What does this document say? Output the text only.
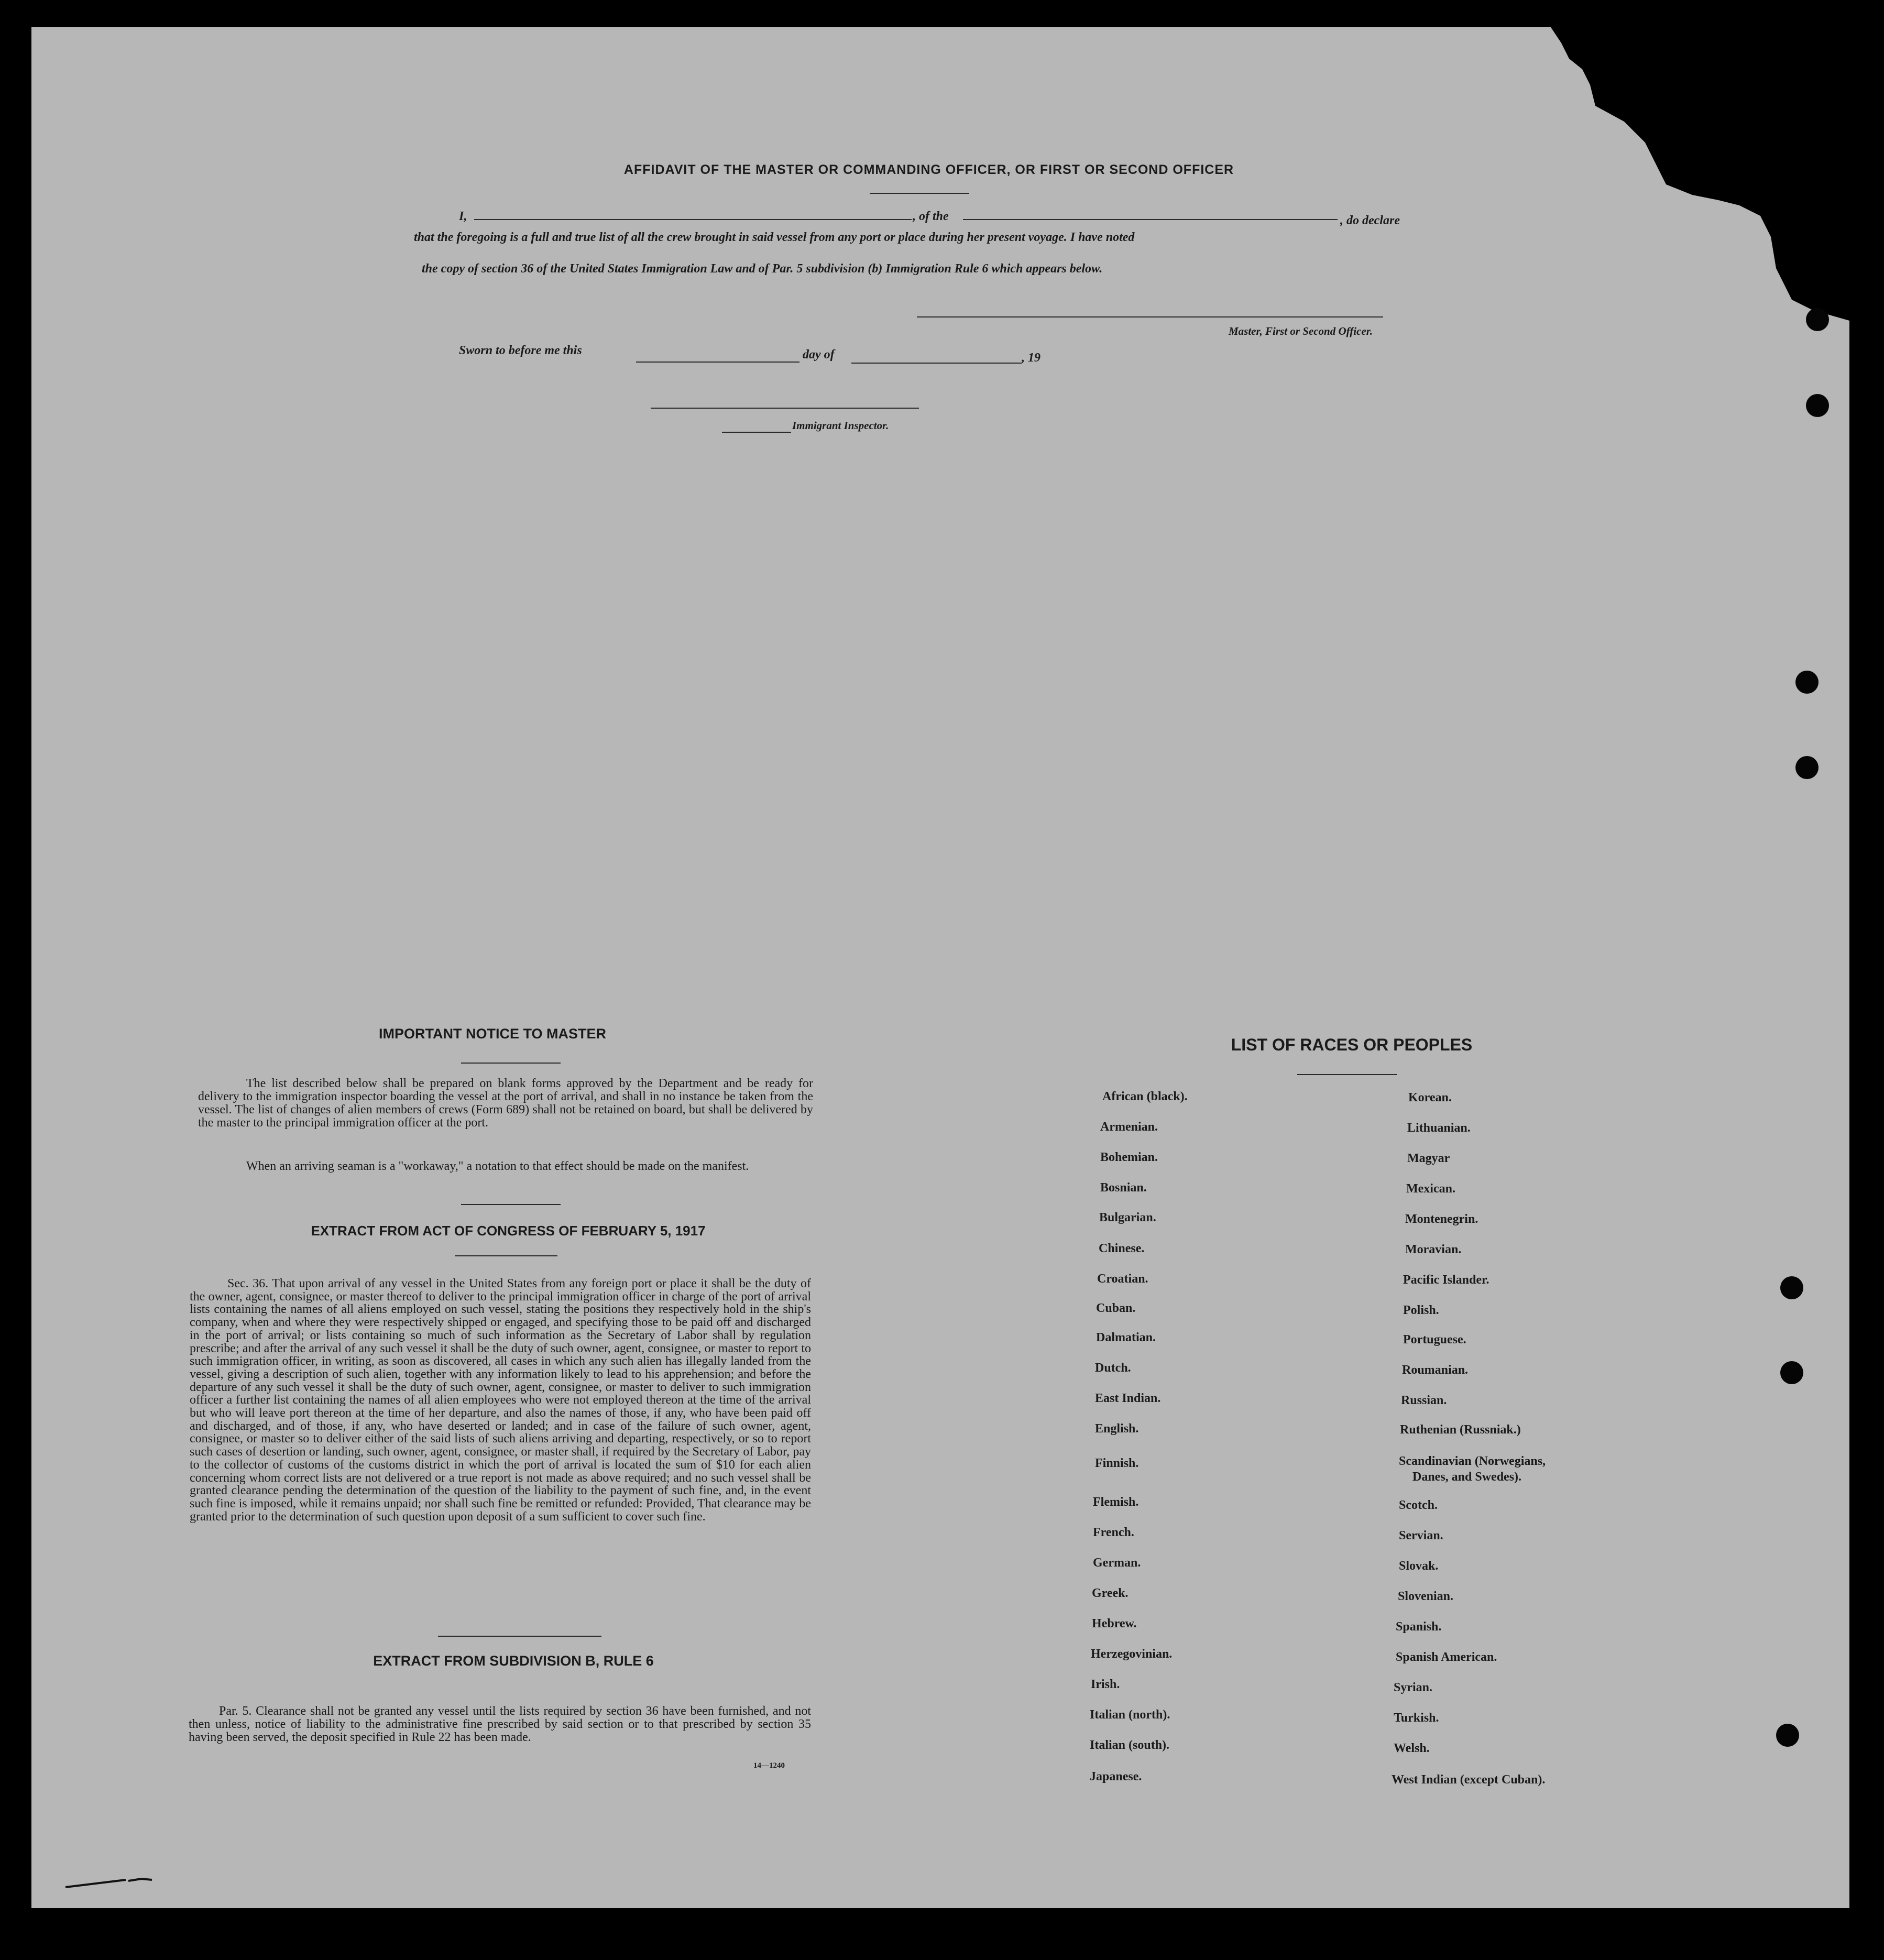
AFFIDAVIT OF THE MASTER OR COMMANDING OFFICER, OR FIRST OR SECOND OFFICER
I,	, of the	, do declare
that the foregoing is a full and true list of all the crew brought in said vessel from any port or place during her present voyage. I have noted
the copy of section 36 of the United States Immigration Law and of Par. 5 subdivision (b) Immigration Rule 6 which appears below.
Master, First or Second Officer.
Sworn to before me this	day of	, 19
Immigrant Inspector.
IMPORTANT NOTICE TO MASTER
The list described below shall be prepared on blank forms approved by the Department and be ready for delivery to the immigration inspector boarding the vessel at the port of arrival, and shall in no instance be taken from the vessel. The list of changes of alien members of crews (Form 689) shall not be retained on board, but shall be delivered by the master to the principal immigration officer at the port.
When an arriving seaman is a "workaway," a notation to that effect should be made on the manifest.
EXTRACT FROM ACT OF CONGRESS OF FEBRUARY 5, 1917
Sec. 36. That upon arrival of any vessel in the United States from any foreign port or place it shall be the duty of the owner, agent, consignee, or master thereof to deliver to the principal immigration officer in charge of the port of arrival lists containing the names of all aliens employed on such vessel, stating the positions they respectively hold in the ship's company, when and where they were respectively shipped or engaged, and specifying those to be paid off and discharged in the port of arrival; or lists containing so much of such information as the Secretary of Labor shall by regulation prescribe; and after the arrival of any such vessel it shall be the duty of such owner, agent, consignee, or master to report to such immigration officer, in writing, as soon as discovered, all cases in which any such alien has illegally landed from the vessel, giving a description of such alien, together with any information likely to lead to his apprehension; and before the departure of any such vessel it shall be the duty of such owner, agent, consignee, or master to deliver to such immigration officer a further list containing the names of all alien employees who were not employed thereon at the time of the arrival but who will leave port thereon at the time of her departure, and also the names of those, if any, who have been paid off and discharged, and of those, if any, who have deserted or landed; and in case of the failure of such owner, agent, consignee, or master so to deliver either of the said lists of such aliens arriving and departing, respectively, or so to report such cases of desertion or landing, such owner, agent, consignee, or master shall, if required by the Secretary of Labor, pay to the collector of customs of the customs district in which the port of arrival is located the sum of $10 for each alien concerning whom correct lists are not delivered or a true report is not made as above required; and no such vessel shall be granted clearance pending the determination of the question of the liability to the payment of such fine, and, in the event such fine is imposed, while it remains unpaid; nor shall such fine be remitted or refunded: Provided, That clearance may be granted prior to the determination of such question upon deposit of a sum sufficient to cover such fine.
EXTRACT FROM SUBDIVISION B, RULE 6
Par. 5. Clearance shall not be granted any vessel until the lists required by section 36 have been furnished, and not then unless, notice of liability to the administrative fine prescribed by said section or to that prescribed by section 35 having been served, the deposit specified in Rule 22 has been made.
14—1240
LIST OF RACES OR PEOPLES
African (black).
Armenian.
Bohemian.
Bosnian.
Bulgarian.
Chinese.
Croatian.
Cuban.
Dalmatian.
Dutch.
East Indian.
English.
Finnish.
Flemish.
French.
German.
Greek.
Hebrew.
Herzegovinian.
Irish.
Italian (north).
Italian (south).
Japanese.
Korean.
Lithuanian.
Magyar
Mexican.
Montenegrin.
Moravian.
Pacific Islander.
Polish.
Portuguese.
Roumanian.
Russian.
Ruthenian (Russniak.)
Scandinavian (Norwegians,
Danes, and Swedes).
Scotch.
Servian.
Slovak.
Slovenian.
Spanish.
Spanish American.
Syrian.
Turkish.
Welsh.
West Indian (except Cuban).
